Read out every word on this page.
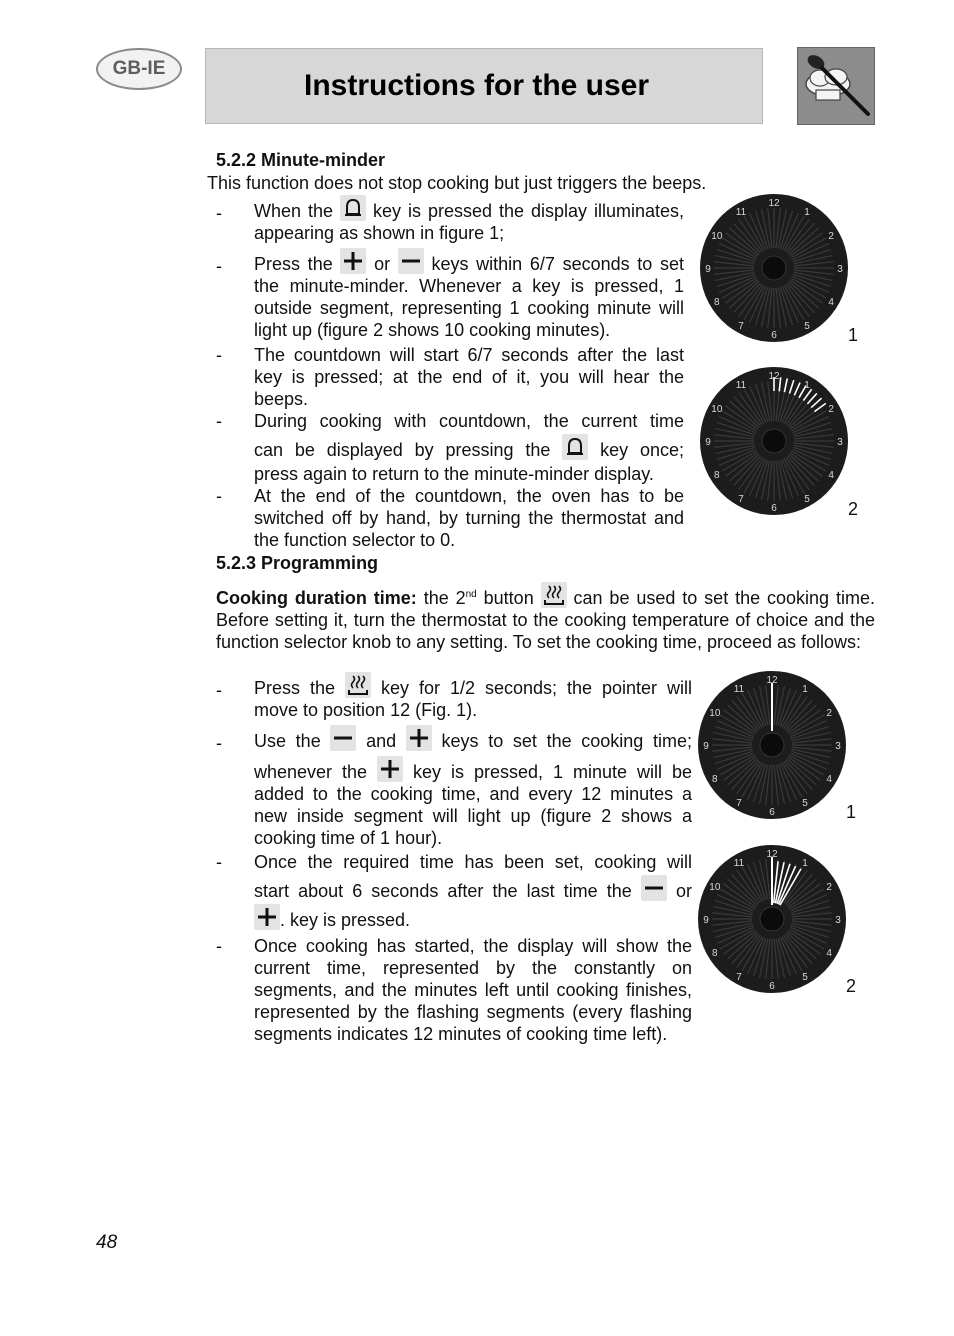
GB-IE
Instructions for the user
5.2.2 Minute-minder
This function does not stop cooking but just triggers the beeps.
- When the key is pressed the display illuminates, appearing as shown in figure 1;
- Press the or keys within 6/7 seconds to set the minute-minder. Whenever a key is pressed, 1 outside segment, representing 1 cooking minute will light up (figure 2 shows 10 cooking minutes).
- The countdown will start 6/7 seconds after the last key is pressed; at the end of it, you will hear the beeps.
- During cooking with countdown, the current time
can be displayed by pressing the	key once;
press again to return to the minute-minder display.
- At the end of the countdown, the oven has to be switched off by hand, by turning the thermostat and the function selector to 0.
12
1
2
3
4
5
6
7
8
9
10
11
1
12
1
2
3
4
5
6
7
8
9
10
11
2
5.2.3 Programming
Cooking duration time: the 2nd button can be used to set the cooking time. Before setting it, turn the thermostat to the cooking temperature of choice and the function selector knob to any setting. To set the cooking time, proceed as follows:
- Press the	key for 1/2 seconds; the pointer will move to position 12 (Fig. 1).
- Use the	and	keys to set the cooking time;
whenever the	key is pressed, 1 minute will be added to the cooking time, and every 12 minutes a new inside segment will light up (figure 2 shows a cooking time of 1 hour).
- Once the required time has been set, cooking will
start about 6 seconds after the last time the or
. key is pressed.
- Once cooking has started, the display will show the current time, represented by the constantly on segments, and the minutes left until cooking finishes, represented by the flashing segments (every flashing segments indicates 12 minutes of cooking time left).
12
1
2
3
4
5
6
7
8
9
10
11
1
12
1
2
3
4
5
6
7
8
9
10
11
2
48
